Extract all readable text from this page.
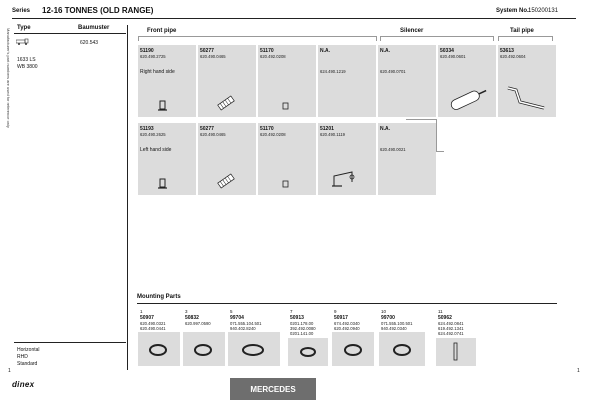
Series 12-16 TONNES (OLD RANGE)	System No.:
150200131
Type	Baumuster
620.543
1633 LS
WB 3800
Manufacturer's part numbers are used for reference only
Horizontal
RHD
Standard
Front pipe	Silencer	Tail pipe
51190
620.490.2725
Right hand side
50277
620.490.0465
51170
620.492.0208
N.A.
624.490.1219
N.A.
620.490.0701
50334
620.490.0601
53613
620.492.0604
51193
620.490.2625
Left hand side
50277
620.490.0465
51170
620.492.0208
51201
620.490.1119
N.A.
620.490.0021
Mounting Parts
1
50907
620.490.0321
620.490.0441
3
50832
620.997.0590
5
99704
071.555.104.501
940.402.8240
7
50913
0201.178.00
392.492.0080
0201.141.00
9
50917
674.492.0340
620.492.0940
10
99700
071.555.100.501
940.492.0340
11
50962
624.492.0841
619.492.1341
624.492.0741
1	1
dinex	MERCEDES
